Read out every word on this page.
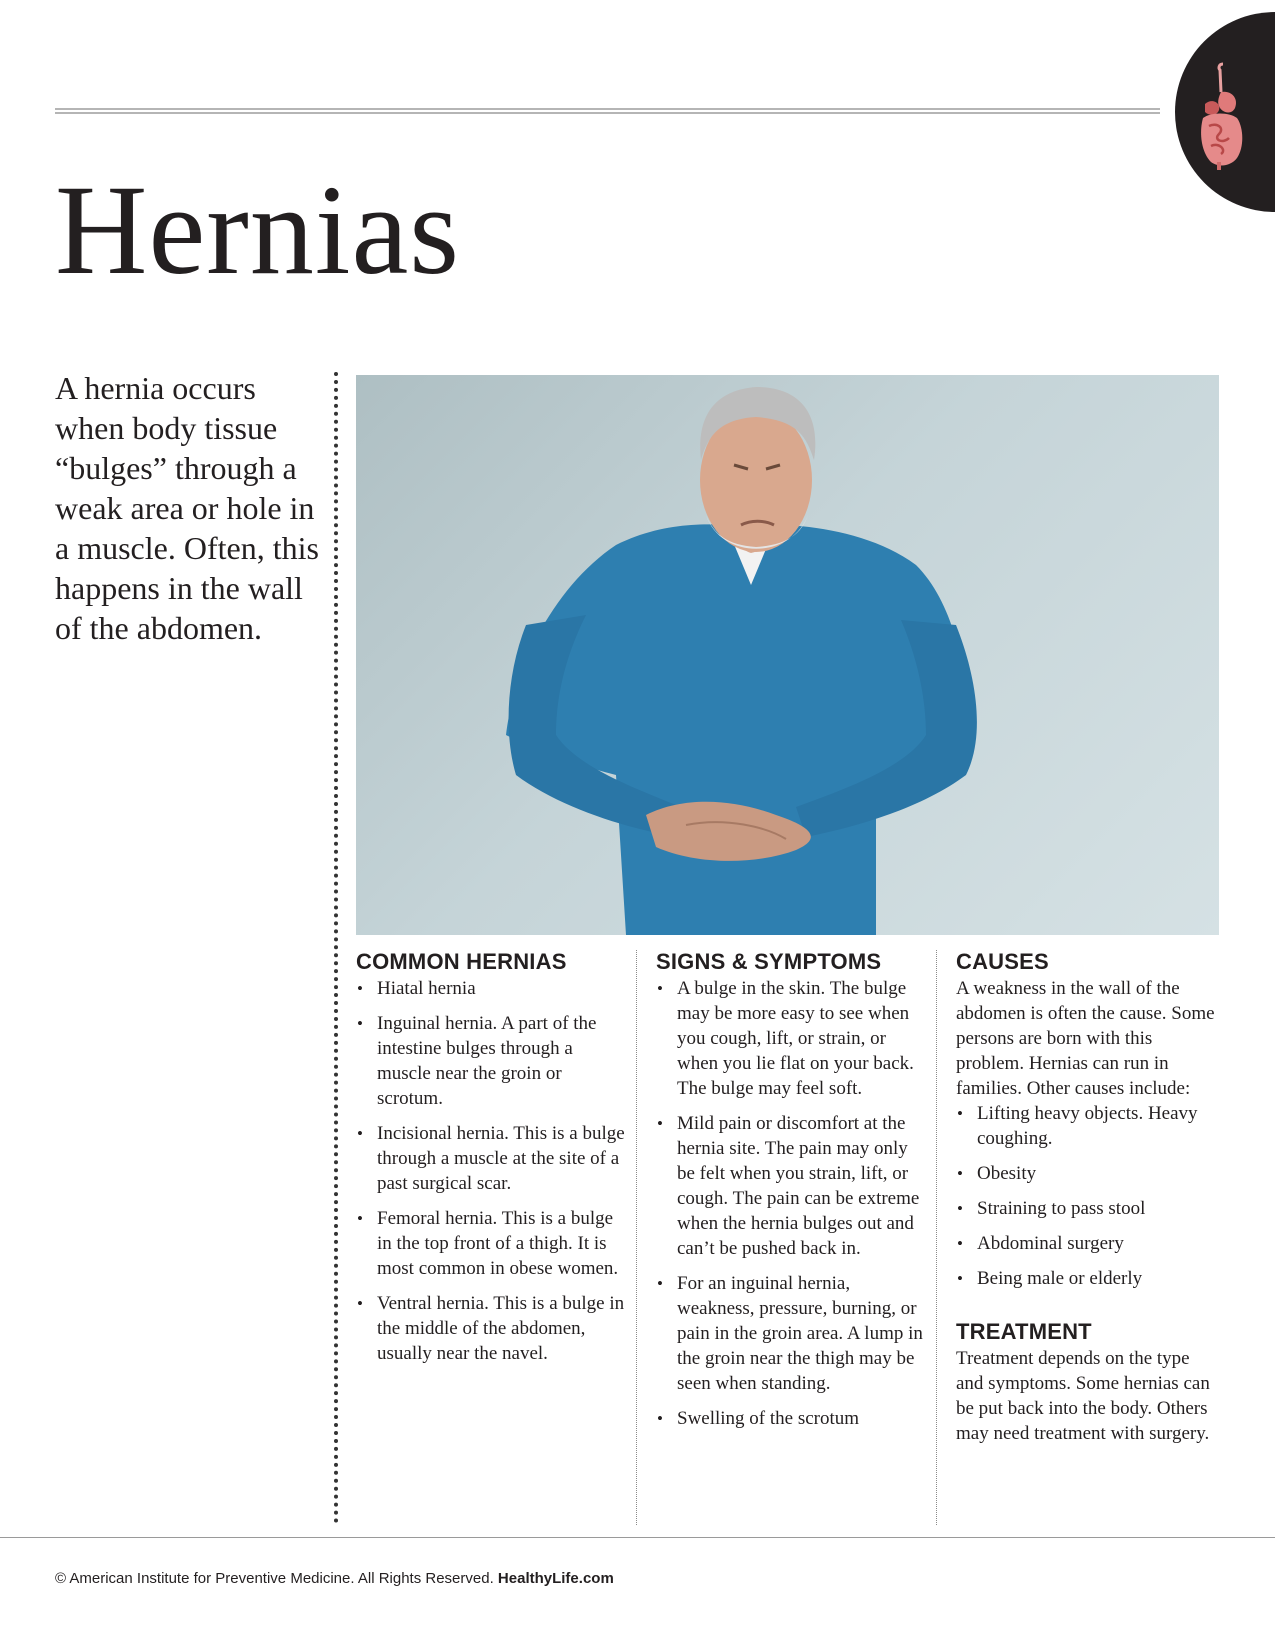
Hernias

A hernia occurs when body tissue “bulges” through a weak area or hole in a muscle. Often, this happens in the wall of the abdomen.

COMMON HERNIAS
• Hiatal hernia
• Inguinal hernia. A part of the intestine bulges through a muscle near the groin or scrotum.
• Incisional hernia. This is a bulge through a muscle at the site of a past surgical scar.
• Femoral hernia. This is a bulge in the top front of a thigh. It is most common in obese women.
• Ventral hernia. This is a bulge in the middle of the abdomen, usually near the navel.
SIGNS & SYMPTOMS
• A bulge in the skin. The bulge may be more easy to see when you cough, lift, or strain, or when you lie flat on your back. The bulge may feel soft.
• Mild pain or discomfort at the hernia site. The pain may only be felt when you strain, lift, or cough. The pain can be extreme when the hernia bulges out and can’t be pushed back in.
• For an inguinal hernia, weakness, pressure, burning, or pain in the groin area. A lump in the groin near the thigh may be seen when standing.
• Swelling of the scrotum
CAUSES

A weakness in the wall of the abdomen is often the cause. Some persons are born with this problem. Hernias can run in families. Other causes include:

• Lifting heavy objects. Heavy coughing.
• Obesity
• Straining to pass stool
• Abdominal surgery
• Being male or elderly
TREATMENT

Treatment depends on the type and symptoms. Some hernias can be put back into the body. Others may need treatment with surgery.

© American Institute for Preventive Medicine. All Rights Reserved. HealthyLife.com
